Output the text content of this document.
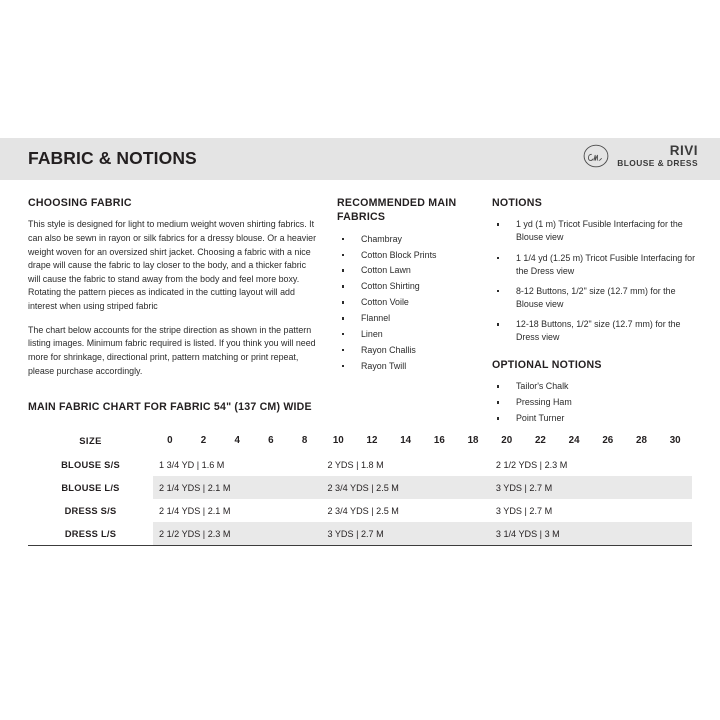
FABRIC & NOTIONS	RIVI
BLOUSE & DRESS
CHOOSING FABRIC

This style is designed for light to medium weight woven shirting fabrics. It can also be sewn in rayon or silk fabrics for a dressy blouse. Or a heavier weight woven for an oversized shirt jacket. Choosing a fabric with a nice drape will cause the fabric to lay closer to the body, and a thicker fabric will cause the fabric to stand away from the body and feel more boxy. Rotating the pattern pieces as indicated in the cutting layout will add interest when using striped fabric

The chart below accounts for the stripe direction as shown in the pattern listing images. Minimum fabric required is listed. If you think you will need more for shrinkage, directional print, pattern matching or print repeat, please purchase accordingly.

RECOMMENDED MAIN FABRICS
Chambray
Cotton Block Prints
Cotton Lawn
Cotton Shirting
Cotton Voile
Flannel
Linen
Rayon Challis
Rayon Twill
NOTIONS
1 yd (1 m) Tricot Fusible Interfacing for the Blouse view
1 1/4 yd (1.25 m) Tricot Fusible Interfacing for the Dress view
8-12 Buttons, 1/2" size (12.7 mm) for the Blouse view
12-18 Buttons, 1/2" size (12.7 mm) for the Dress view
OPTIONAL NOTIONS
Tailor's Chalk
Pressing Ham
Point Turner
MAIN FABRIC CHART FOR FABRIC 54" (137 CM) WIDE
SIZE	0	2	4	6	8	10	12	14	16	18	20	22	24	26	28	30
BLOUSE S/S	1 3/4 YD | 1.6 M					2 YDS | 1.8 M					2 1/2 YDS | 2.3 M					
BLOUSE L/S	2 1/4 YDS | 2.1 M					2 3/4 YDS | 2.5 M					3 YDS | 2.7 M					
DRESS S/S	2 1/4 YDS | 2.1 M					2 3/4 YDS | 2.5 M					3 YDS | 2.7 M					
DRESS L/S	2 1/2 YDS | 2.3 M					3 YDS | 2.7 M					3 1/4 YDS | 3 M					
